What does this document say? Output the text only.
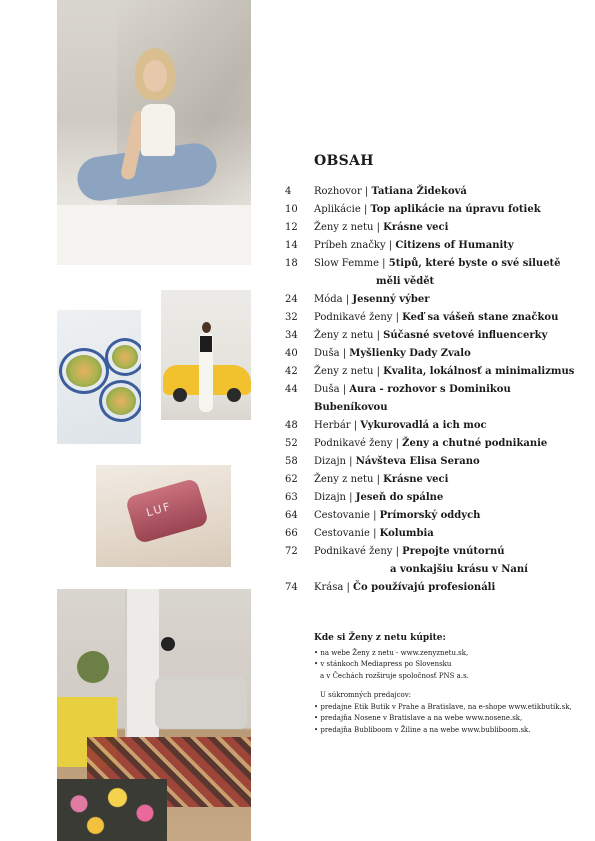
LUF
OBSAH
4	Rozhovor | Tatiana Žideková
10	Aplikácie | Top aplikácie na úpravu fotiek
12	Ženy z netu | Krásne veci
14	Príbeh značky | Citizens of Humanity
18	Slow Femme | 5tipů, které byste o své siluetě
měli vědět
24	Móda | Jesenný výber
32	Podnikavé ženy | Keď sa vášeň stane značkou
34	Ženy z netu | Súčasné svetové influencerky
40	Duša | Myšlienky Dady Zvalo
42	Ženy z netu | Kvalita, lokálnosť a minimalizmus
44	Duša | Aura - rozhovor s Dominikou Bubeníkovou
48	Herbár | Vykurovadlá a ich moc
52	Podnikavé ženy | Ženy a chutné podnikanie
58	Dizajn | Návšteva Elisa Serano
62	Ženy z netu | Krásne veci
63	Dizajn | Jeseň do spálne
64	Cestovanie | Prímorský oddych
66	Cestovanie | Kolumbia
72	Podnikavé ženy | Prepojte vnútornú
a vonkajšiu krásu v Naní
74	Krása | Čo používajú profesionáli
Kde si Ženy z netu kúpite:
• na webe Ženy z netu - www.zenyznetu.sk,
• v stánkoch Mediapress po Slovensku
a v Čechách rozširuje spoločnosť PNS a.s.
U súkromných predajcov:
• predajne Etik Butik v Prahe a Bratislave, na e-shope www.etikbutik.sk,
• predajňa Nosene v Bratislave a na webe www.nosene.sk,
• predajňa Bubliboom v Žiline a na webe www.bubliboom.sk.
